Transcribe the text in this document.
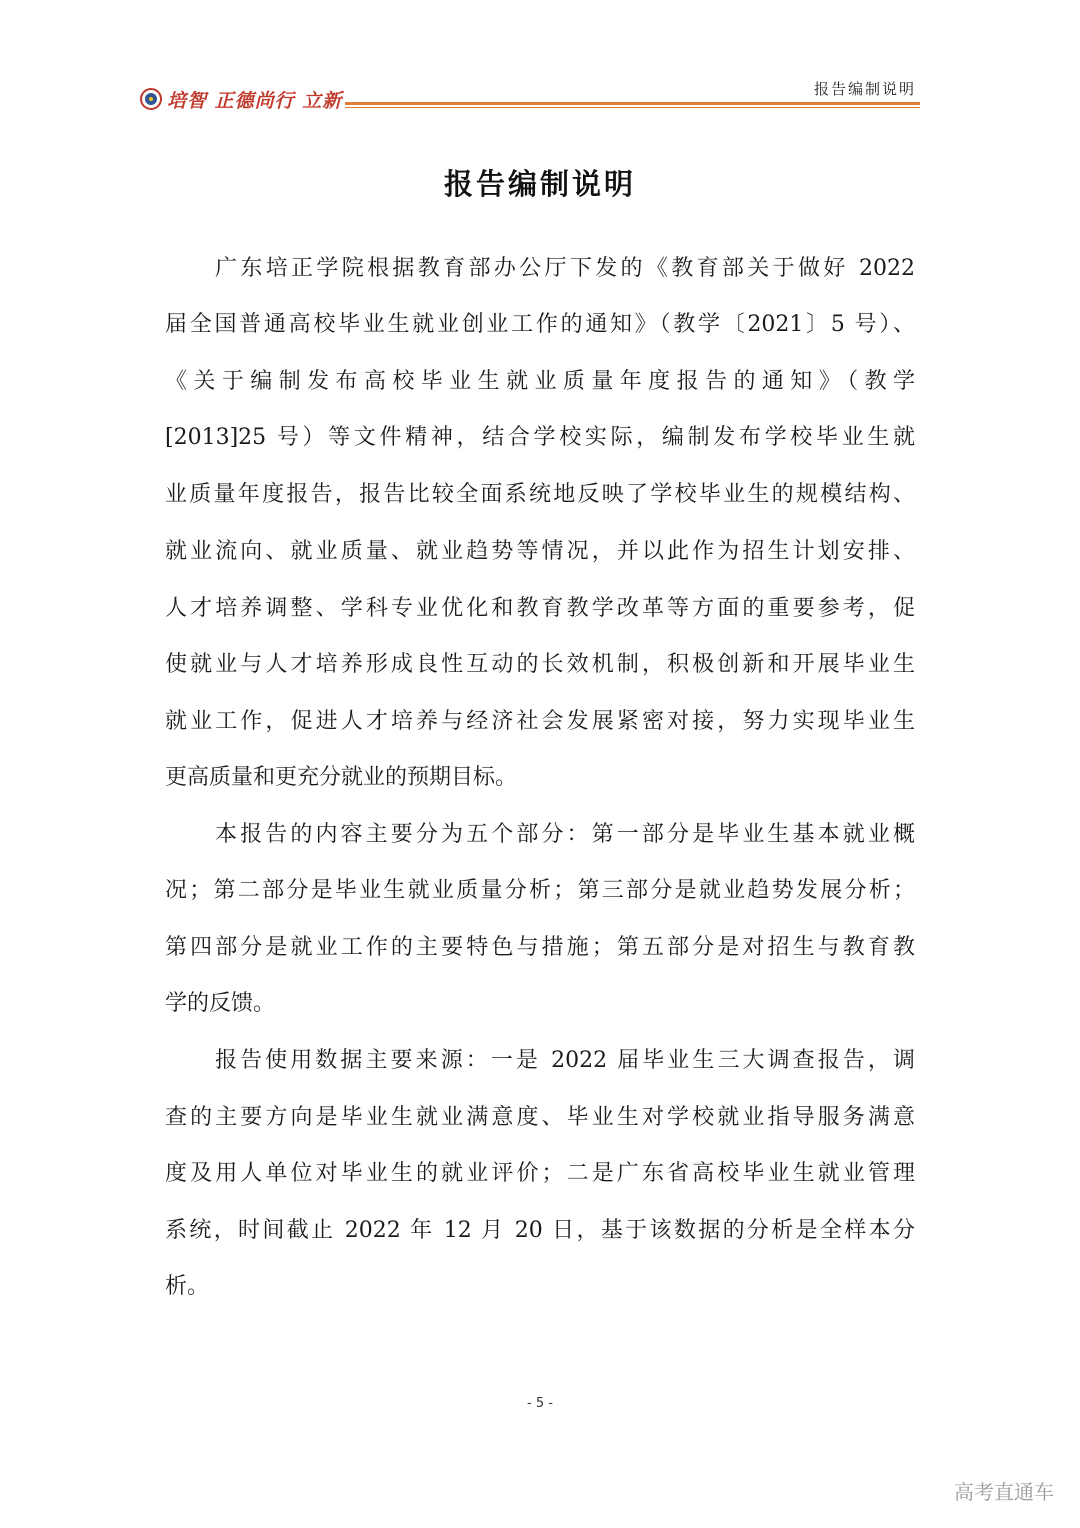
培智 正德尚行 立新
报告编制说明
报告编制说明
广东培正学院根据教育部办公厅下发的《教育部关于做好 2022
届全国普通高校毕业生就业创业工作的通知》（教学〔2021〕5 号）、
《关于编制发布高校毕业生就业质量年度报告的通知》（教学
[2013]25 号）等文件精神，结合学校实际，编制发布学校毕业生就
业质量年度报告，报告比较全面系统地反映了学校毕业生的规模结构、
就业流向、就业质量、就业趋势等情况，并以此作为招生计划安排、
人才培养调整、学科专业优化和教育教学改革等方面的重要参考，促
使就业与人才培养形成良性互动的长效机制，积极创新和开展毕业生
就业工作，促进人才培养与经济社会发展紧密对接，努力实现毕业生
更高质量和更充分就业的预期目标。
本报告的内容主要分为五个部分：第一部分是毕业生基本就业概
况；第二部分是毕业生就业质量分析；第三部分是就业趋势发展分析；
第四部分是就业工作的主要特色与措施；第五部分是对招生与教育教
学的反馈。
报告使用数据主要来源：一是 2022 届毕业生三大调查报告，调
查的主要方向是毕业生就业满意度、毕业生对学校就业指导服务满意
度及用人单位对毕业生的就业评价；二是广东省高校毕业生就业管理
系统，时间截止 2022 年 12 月 20 日，基于该数据的分析是全样本分
析。
- 5 -
高考直通车
